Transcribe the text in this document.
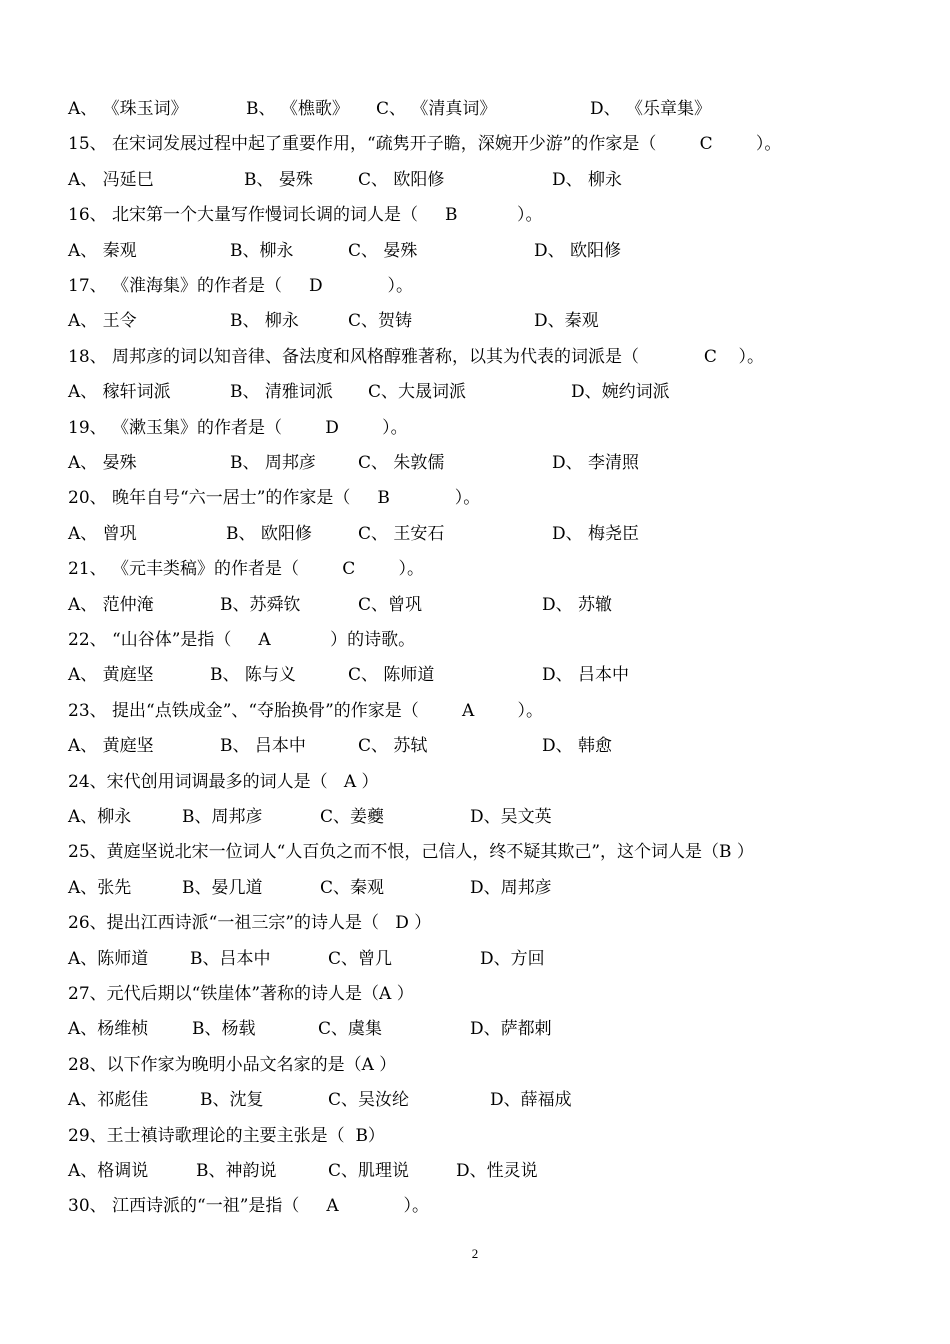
A、 《珠玉词》	B、 《樵歌》 C、 《清真词》	D、 《乐章集》
15、 在宋词发展过程中起了重要作用，“疏隽开子瞻，深婉开少游”的作家是（        C        ）。
A、 冯延巳	B、 晏殊	C、 欧阳修	D、 柳永
16、 北宋第一个大量写作慢词长调的词人是（     B           ）。
A、 秦观	B、柳永	C、 晏殊	D、 欧阳修
17、 《淮海集》的作者是（     D            ）。
A、 王令	B、 柳永	C、贺铸	D、秦观
18、 周邦彦的词以知音律、备法度和风格醇雅著称，以其为代表的词派是（            C    ）。
A、 稼轩词派	B、 清雅词派 C、大晟词派	D、婉约词派
19、 《漱玉集》的作者是（        D        ）。
A、 晏殊	B、 周邦彦 C、 朱敦儒	D、 李清照
20、 晚年自号“六一居士”的作家是（     B            ）。
A、 曾巩	B、 欧阳修	C、 王安石	D、 梅尧臣
21、 《元丰类稿》的作者是（        C        ）。
A、 范仲淹	B、苏舜钦	C、曾巩	D、 苏辙
22、 “山谷体”是指（     A           ）的诗歌。
A、 黄庭坚	B、 陈与义	C、 陈师道	D、 吕本中
23、 提出“点铁成金”、“夺胎换骨”的作家是（        A        ）。
A、 黄庭坚	B、 吕本中	C、 苏轼	D、 韩愈
24、宋代创用词调最多的词人是（   A ）
A、柳永	B、周邦彦	C、姜夔	D、吴文英
25、黄庭坚说北宋一位词人“人百负之而不恨，己信人，终不疑其欺己”，这个词人是（B ）
A、张先	B、晏几道	C、秦观	D、周邦彦
26、提出江西诗派“一祖三宗”的诗人是（   D ）
A、陈师道 B、吕本中	C、曾几	D、方回
27、元代后期以“铁崖体”著称的诗人是（A ）
A、杨维桢	B、杨载	C、虞集	D、萨都剌
28、以下作家为晚明小品文名家的是（A ）
A、祁彪佳	B、沈复	C、吴汝纶	D、薛福成
29、王士禛诗歌理论的主要主张是（  B）
A、格调说	B、神韵说	C、肌理说	D、性灵说
30、 江西诗派的“一祖”是指（     A            ）。
2
